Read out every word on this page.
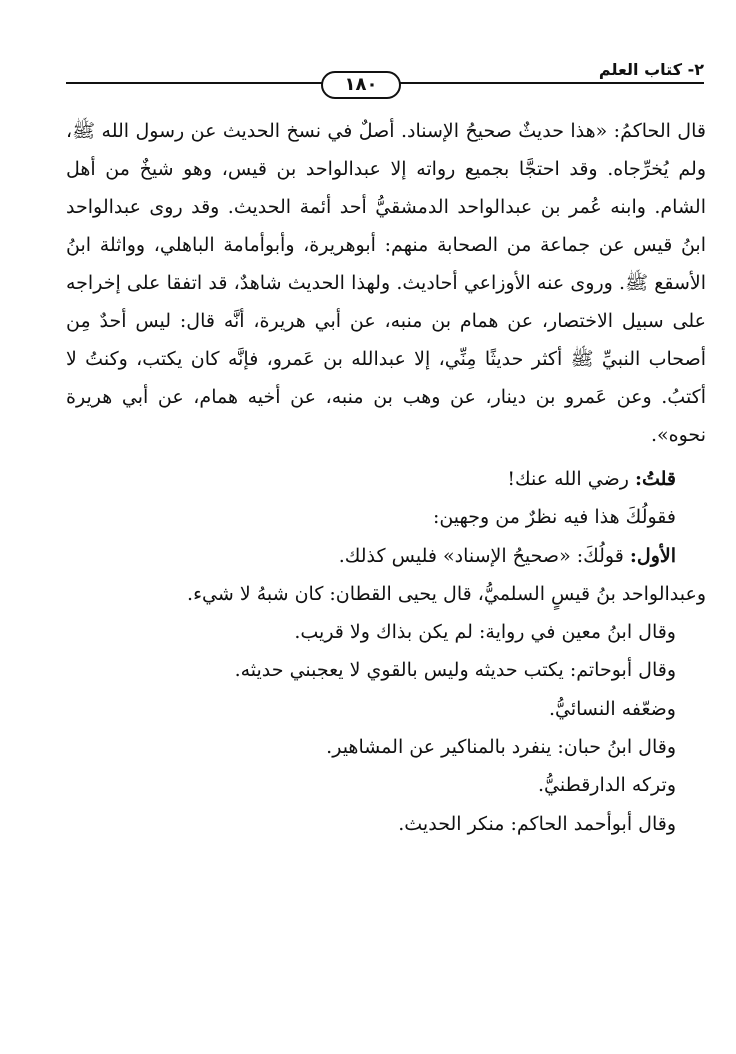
٢- كتاب العلم
١٨٠

قال الحاكمُ: «هذا حديثٌ صحيحُ الإسناد. أصلٌ في نسخ الحديث عن رسول الله ﷺ، ولم يُخرِّجاه. وقد احتجَّا بجميع رواته إلا عبدالواحد بن قيس، وهو شيخٌ من أهل الشام. وابنه عُمر بن عبدالواحد الدمشقيُّ أحد أئمة الحديث. وقد روى عبدالواحد ابنُ قيس عن جماعة من الصحابة منهم: أبوهريرة، وأبوأمامة الباهلي، وواثلة ابنُ الأسقع ﷺ. وروى عنه الأوزاعي أحاديث. ولهذا الحديث شاهدٌ، قد اتفقا على إخراجه على سبيل الاختصار، عن همام بن منبه، عن أبي هريرة، أنَّه قال: ليس أحدٌ مِن أصحاب النبيِّ ﷺ أكثر حديثًا مِنِّي، إلا عبدالله بن عَمرو، فإنَّه كان يكتب، وكنتُ لا أكتبُ. وعن عَمرو بن دينار، عن وهب بن منبه، عن أخيه همام، عن أبي هريرة نحوه».

قلتُ: رضي الله عنك!

فقولُكَ هذا فيه نظرٌ من وجهين:

الأول: قولُكَ: «صحيحُ الإسناد» فليس كذلك.

وعبدالواحد بنُ قيسٍ السلميُّ، قال يحيى القطان: كان شبهُ لا شيء.

وقال ابنُ معين في رواية: لم يكن بذاك ولا قريب.

وقال أبوحاتم: يكتب حديثه وليس بالقوي لا يعجبني حديثه.

وضعّفه النسائيُّ.

وقال ابنُ حبان: ينفرد بالمناكير عن المشاهير.

وتركه الدارقطنيُّ.

وقال أبوأحمد الحاكم: منكر الحديث.
